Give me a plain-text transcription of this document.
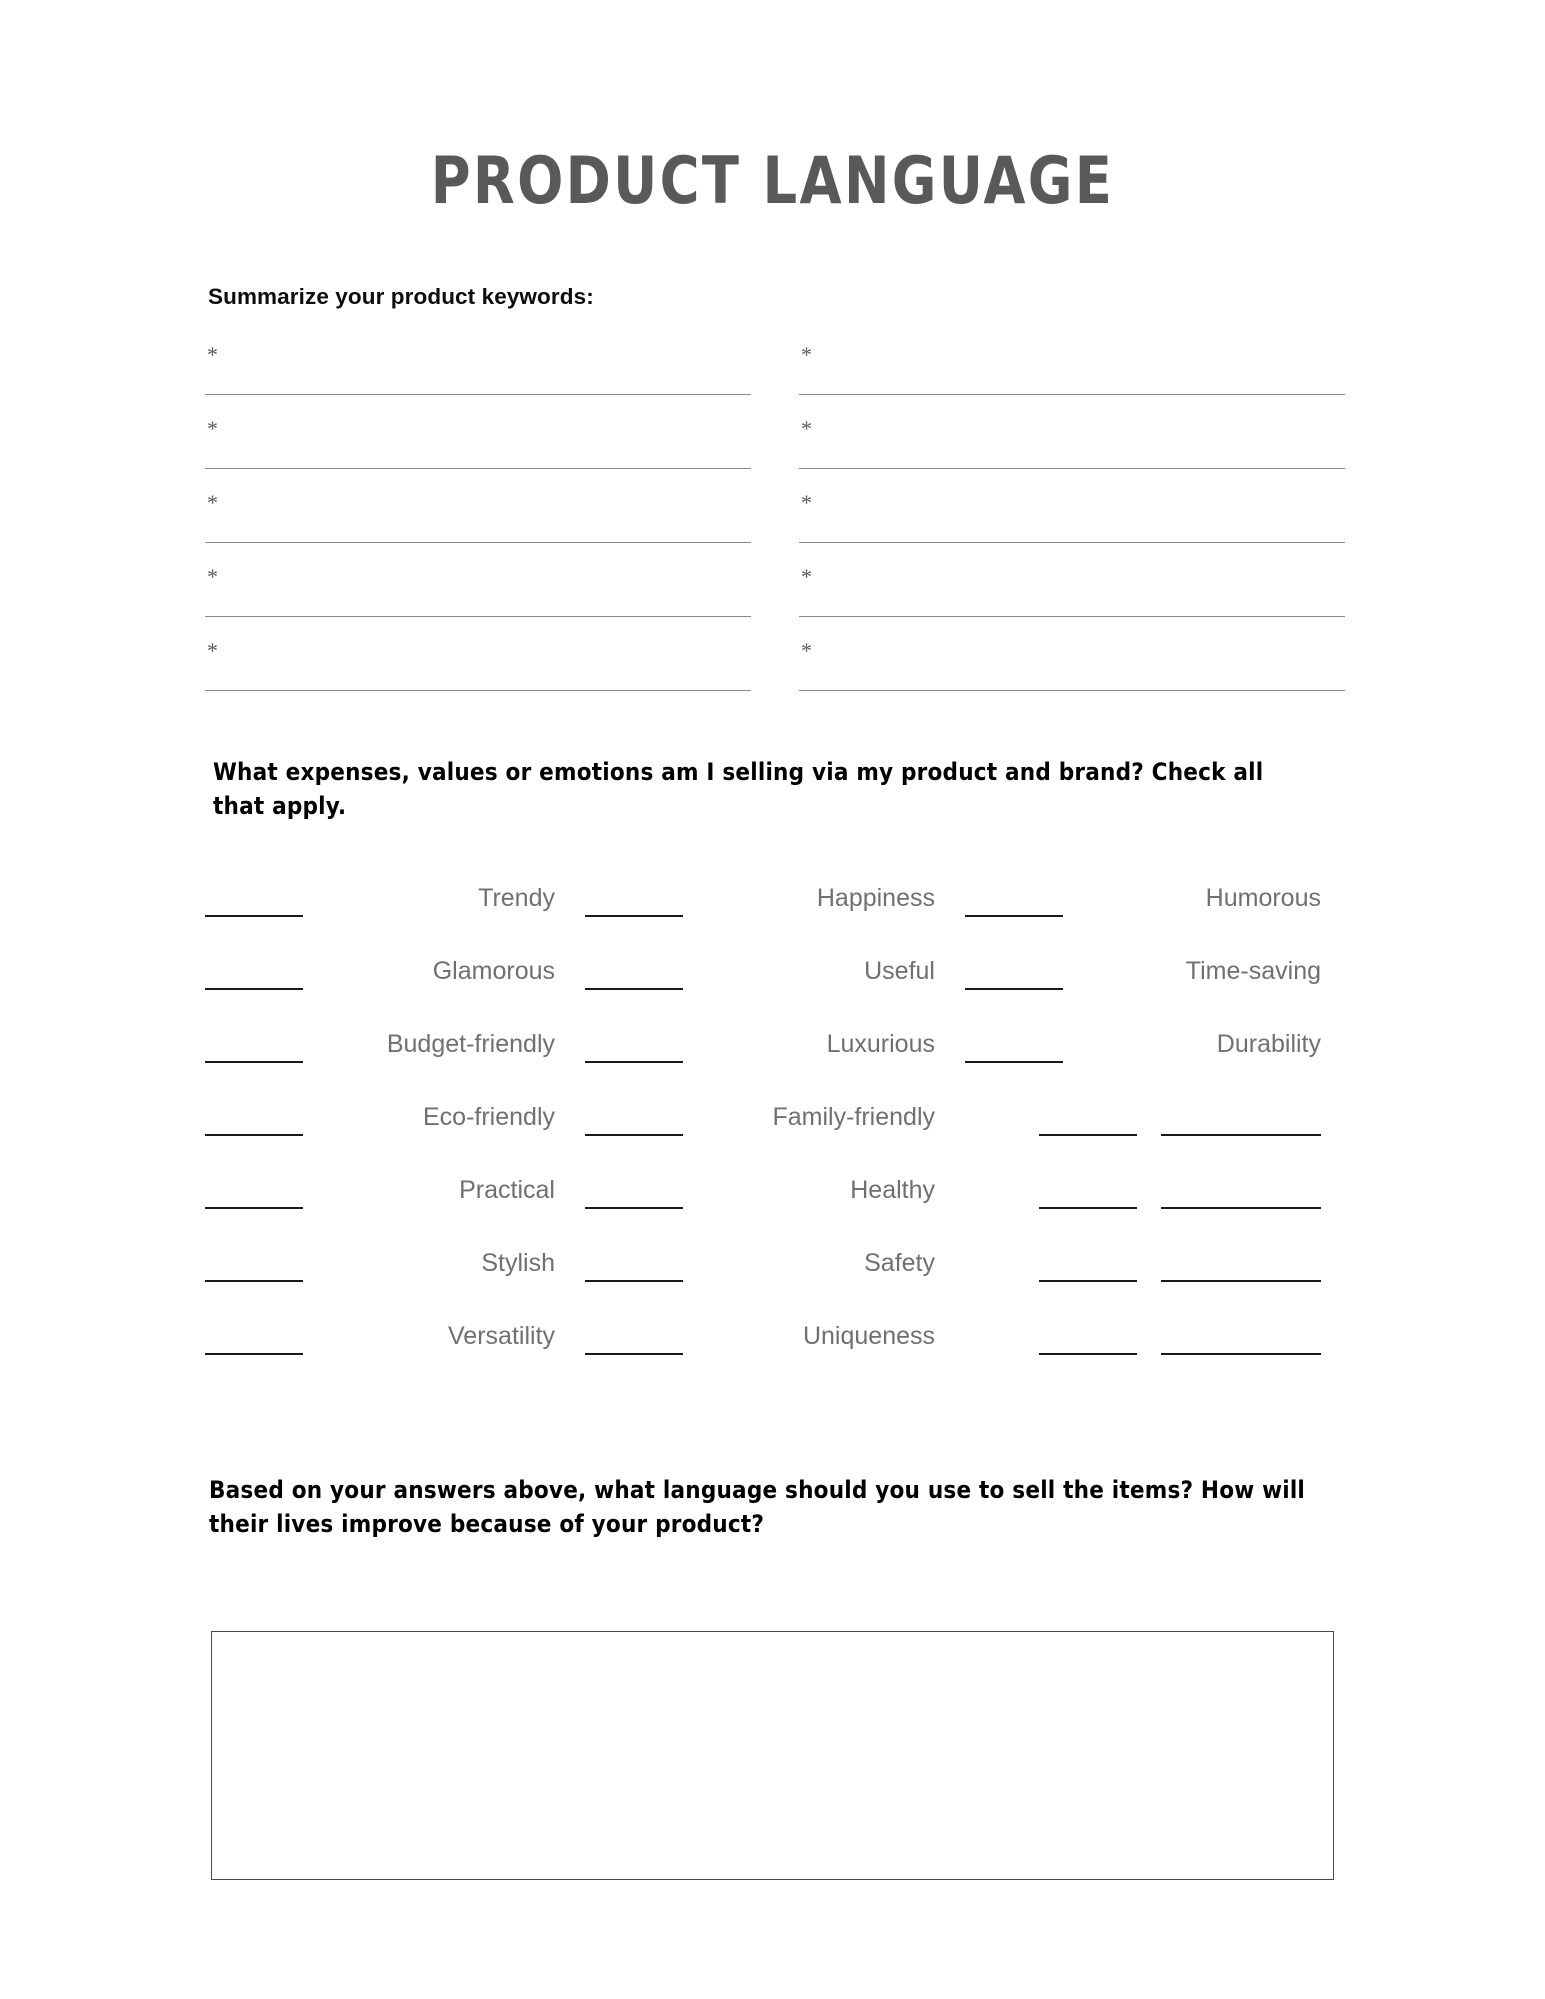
PRODUCT LANGUAGE
Summarize your product keywords:
*	*
*	*
*	*
*	*
*	*
What expenses, values or emotions am I selling via my product and brand? Check all that apply.
Trendy	Happiness	Humorous
Glamorous	Useful	Time-saving
Budget-friendly	Luxurious	Durability
Eco-friendly	Family-friendly
Practical	Healthy
Stylish	Safety
Versatility	Uniqueness
Based on your answers above, what language should you use to sell the items? How will their lives improve because of your product?
